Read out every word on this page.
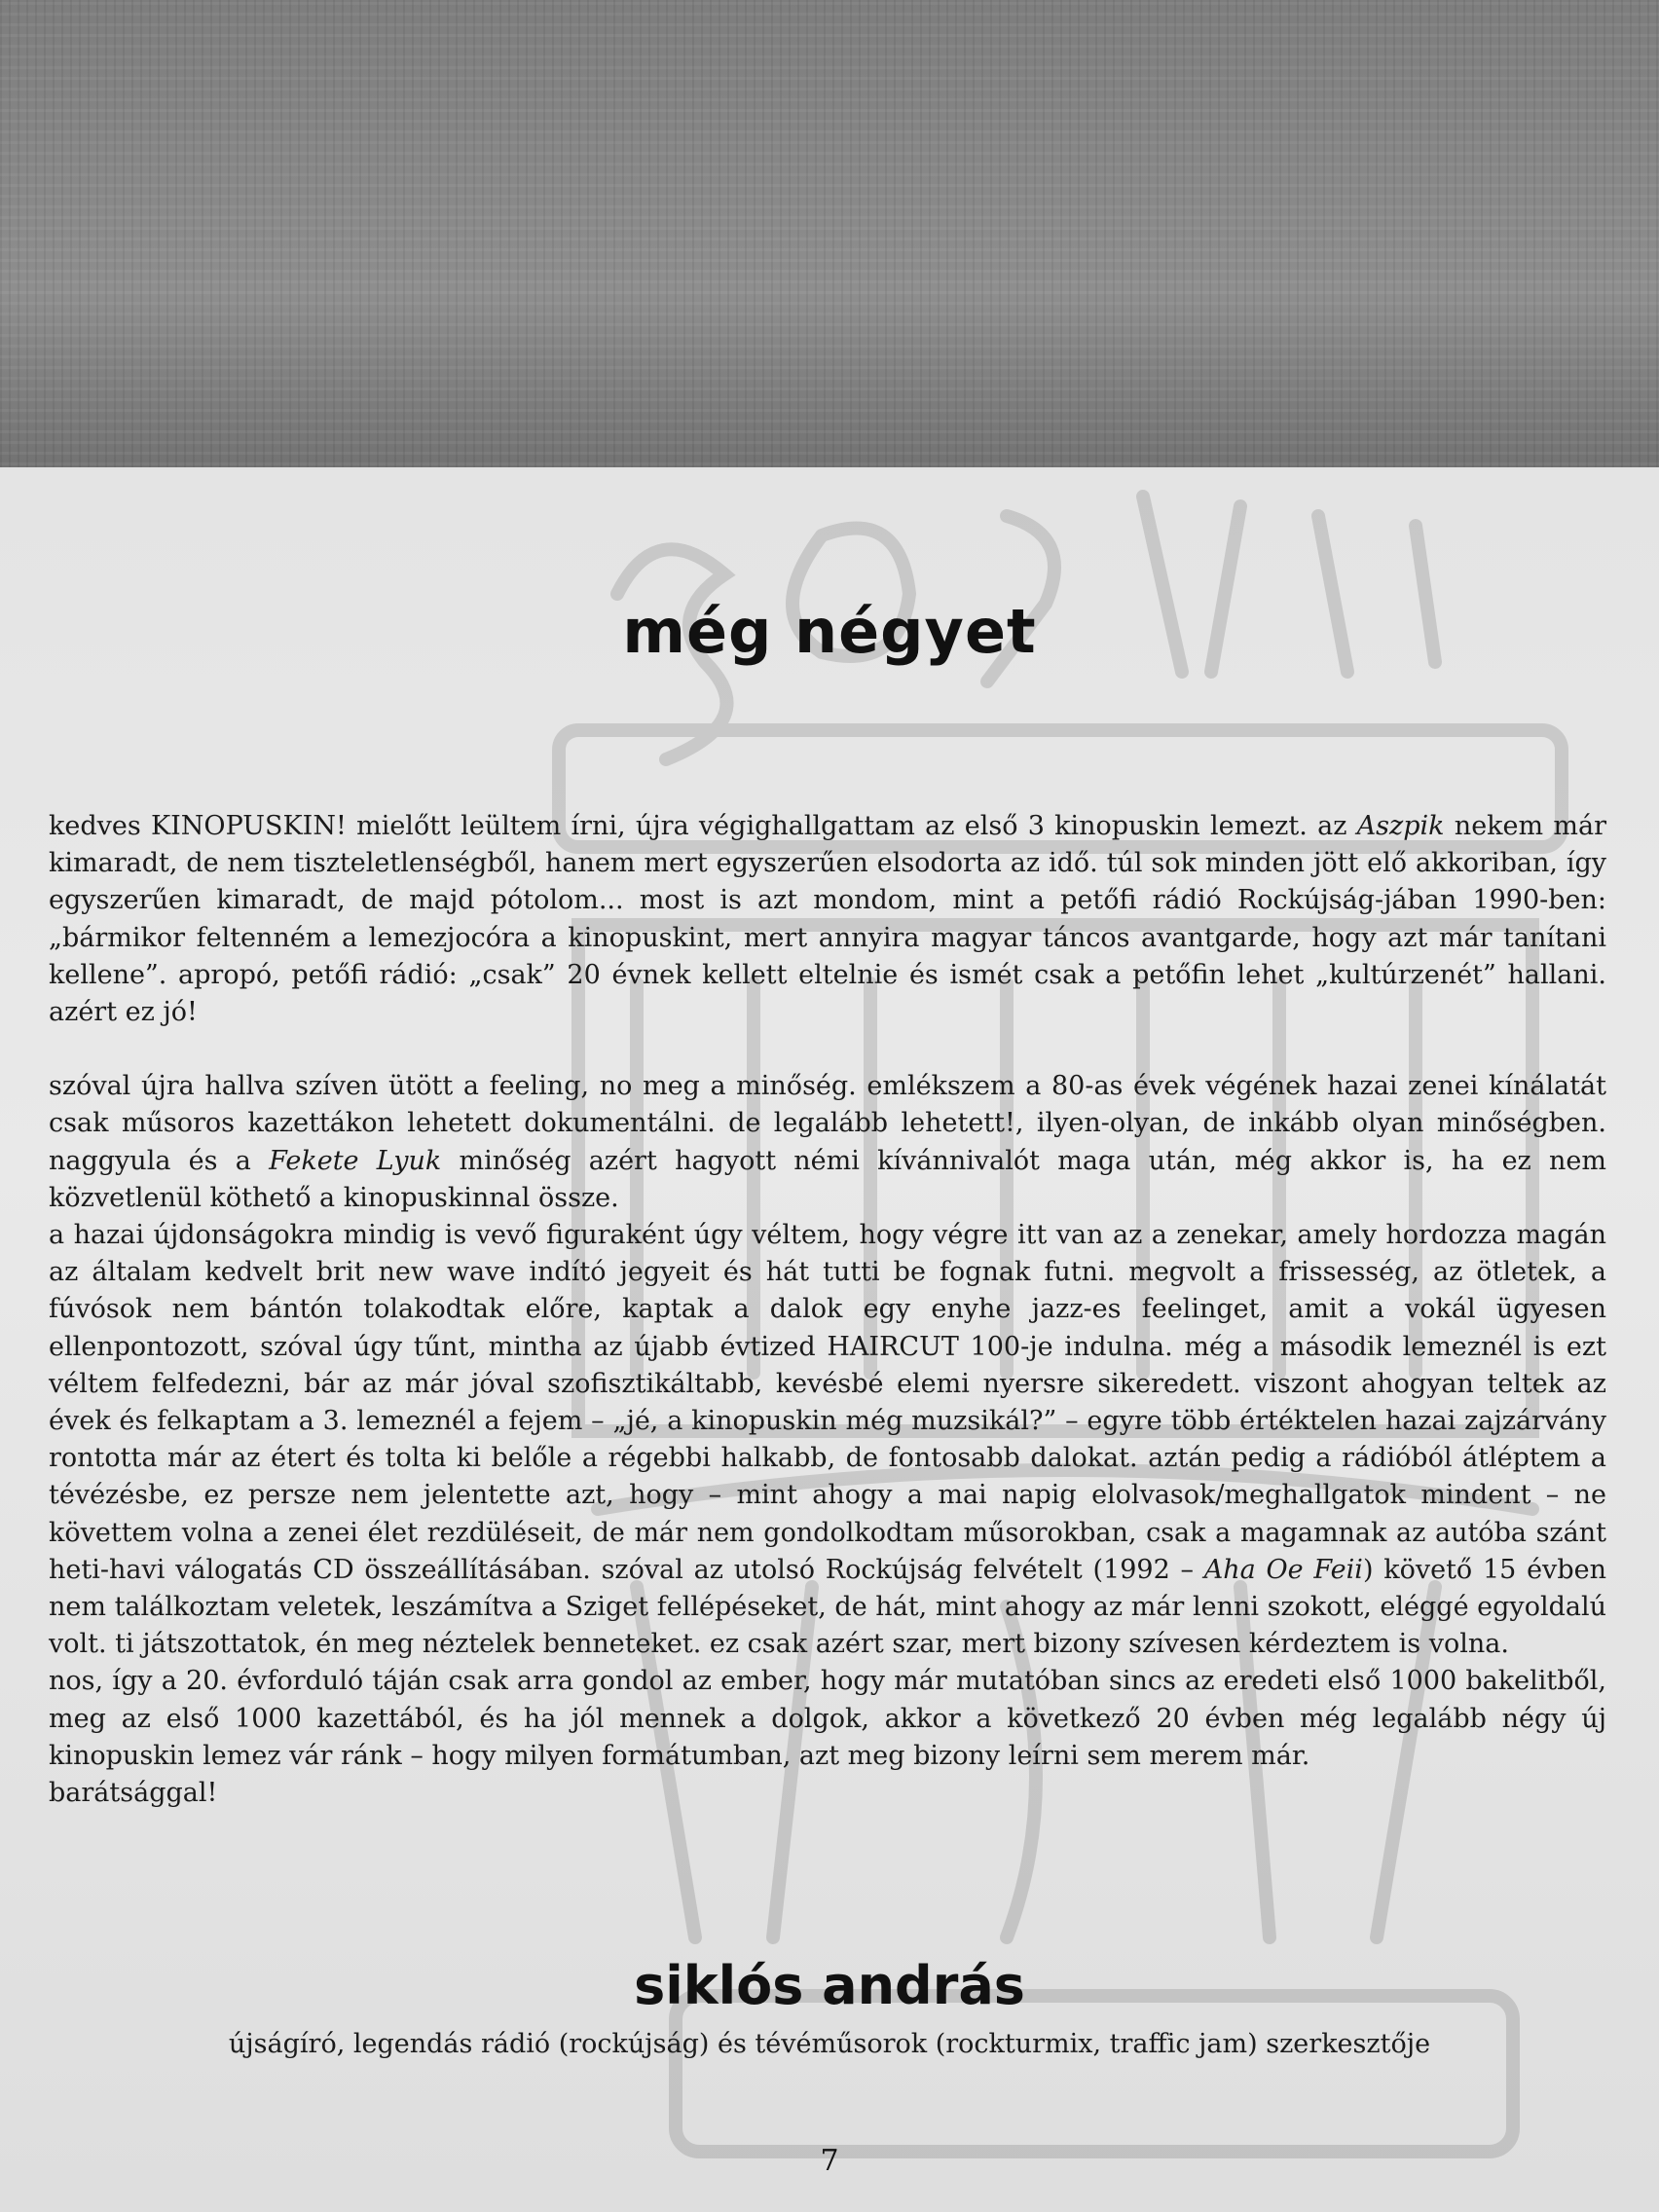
még négyet

kedves KINOPUSKIN! mielőtt leültem írni, újra végighallgattam az első 3 kinopuskin lemezt. az Aszpik nekem már kimaradt, de nem tiszteletlenségből, hanem mert egyszerűen elsodorta az idő. túl sok minden jött elő akkoriban, így egyszerűen kimaradt, de majd pótolom... most is azt mondom, mint a petőfi rádió Rockújság-jában 1990-ben: „bármikor feltenném a lemezjocóra a kinopuskint, mert annyira magyar táncos avantgarde, hogy azt már tanítani kellene”. apropó, petőfi rádió: „csak” 20 évnek kellett eltelnie és ismét csak a petőfin lehet „kultúrzenét” hallani. azért ez jó!

szóval újra hallva szíven ütött a feeling, no meg a minőség. emlékszem a 80-as évek végének hazai zenei kínálatát csak műsoros kazettákon lehetett dokumentálni. de legalább lehetett!, ilyen-olyan, de inkább olyan minőségben. naggyula és a Fekete Lyuk minőség azért hagyott némi kívánnivalót maga után, még akkor is, ha ez nem közvetlenül köthető a kinopuskinnal össze.

a hazai újdonságokra mindig is vevő figuraként úgy véltem, hogy végre itt van az a zenekar, amely hordozza magán az általam kedvelt brit new wave indító jegyeit és hát tutti be fognak futni. megvolt a frissesség, az ötletek, a fúvósok nem bántón tolakodtak előre, kaptak a dalok egy enyhe jazz-es feelinget, amit a vokál ügyesen ellenpontozott, szóval úgy tűnt, mintha az újabb évtized HAIRCUT 100-je indulna. még a második lemeznél is ezt véltem felfedezni, bár az már jóval szofisztikáltabb, kevésbé elemi nyersre sikeredett. viszont ahogyan teltek az évek és felkaptam a 3. lemeznél a fejem – „jé, a kinopuskin még muzsikál?” – egyre több értéktelen hazai zajzárvány rontotta már az étert és tolta ki belőle a régebbi halkabb, de fontosabb dalokat. aztán pedig a rádióból átléptem a tévézésbe, ez persze nem jelentette azt, hogy – mint ahogy a mai napig elolvasok/meghallgatok mindent – ne követtem volna a zenei élet rezdüléseit, de már nem gondolkodtam műsorokban, csak a magamnak az autóba szánt heti-havi válogatás CD összeállításában. szóval az utolsó Rockújság felvételt (1992 – Aha Oe Feii) követő 15 évben nem találkoztam veletek, leszámítva a Sziget fellépéseket, de hát, mint ahogy az már lenni szokott, eléggé egyoldalú volt. ti játszottatok, én meg néztelek benneteket. ez csak azért szar, mert bizony szívesen kérdeztem is volna.

nos, így a 20. évforduló táján csak arra gondol az ember, hogy már mutatóban sincs az eredeti első 1000 bakelitből, meg az első 1000 kazettából, és ha jól mennek a dolgok, akkor a következő 20 évben még legalább négy új kinopuskin lemez vár ránk – hogy milyen formátumban, azt meg bizony leírni sem merem már.

barátsággal!

siklós andrás
újságíró, legendás rádió (rockújság) és tévéműsorok (rockturmix, traffic jam) szerkesztője
7
